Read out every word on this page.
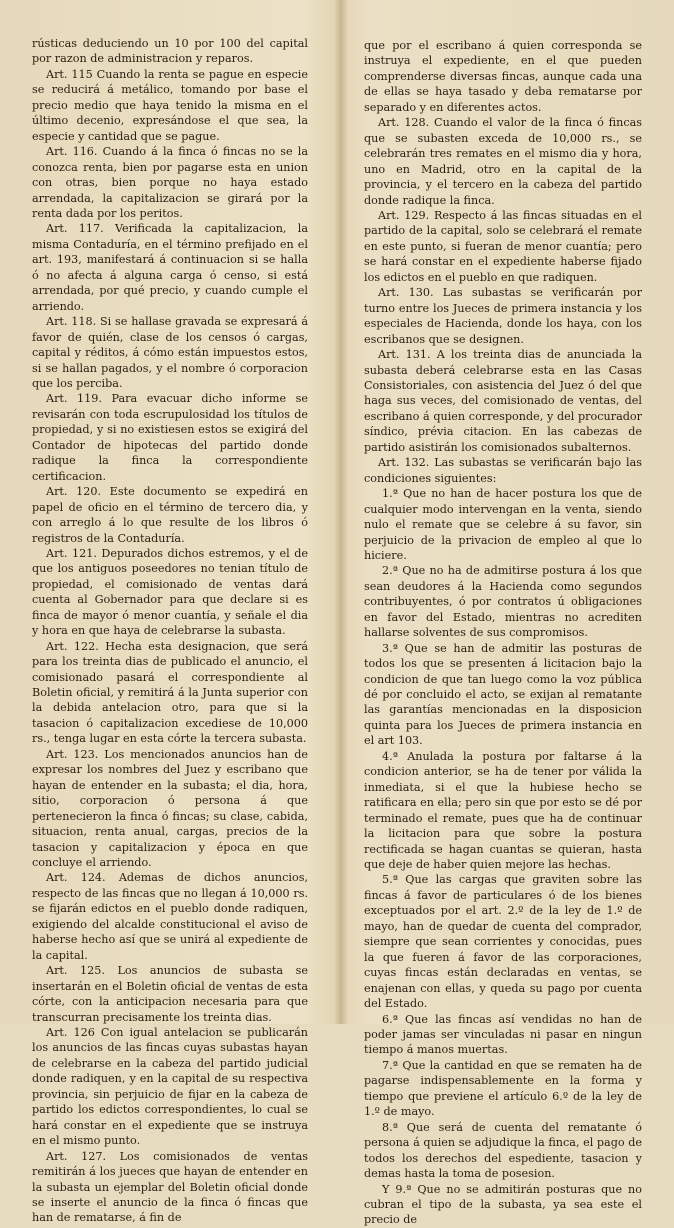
rústicas deduciendo un 10 por 100 del capital por razon de administracion y reparos.

Art. 115 Cuando la renta se pague en especie se reducirá á metálico, tomando por base el precio medio que haya tenido la misma en el último decenio, expresándose el que sea, la especie y cantidad que se pague.

Art. 116. Cuando á la finca ó fincas no se la conozca renta, bien por pagarse esta en union con otras, bien porque no haya estado arrendada, la capitalizacion se girará por la renta dada por los peritos.

Art. 117. Verificada la capitalizacion, la misma Contaduría, en el término prefijado en el art. 193, manifestará á continuacion si se halla ó no afecta á alguna carga ó censo, si está arrendada, por qué precio, y cuando cumple el arriendo.

Art. 118. Si se hallase gravada se expresará á favor de quién, clase de los censos ó cargas, capital y réditos, á cómo están impuestos estos, si se hallan pagados, y el nombre ó corporacion que los perciba.

Art. 119. Para evacuar dicho informe se revisarán con toda escrupulosidad los títulos de propiedad, y si no existiesen estos se exigirá del Contador de hipotecas del partido donde radique la finca la correspondiente certificacion.

Art. 120. Este documento se expedirá en papel de oficio en el término de tercero dia, y con arreglo á lo que resulte de los libros ó registros de la Contaduría.

Art. 121. Depurados dichos estremos, y el de que los antiguos poseedores no tenian título de propiedad, el comisionado de ventas dará cuenta al Gobernador para que declare si es finca de mayor ó menor cuantía, y señale el dia y hora en que haya de celebrarse la subasta.

Art. 122. Hecha esta designacion, que será para los treinta dias de publicado el anuncio, el comisionado pasará el correspondiente al Boletin oficial, y remitirá á la Junta superior con la debida antelacion otro, para que si la tasacion ó capitalizacion excediese de 10,000 rs., tenga lugar en esta córte la tercera subasta.

Art. 123. Los mencionados anuncios han de expresar los nombres del Juez y escribano que hayan de entender en la subasta; el dia, hora, sitio, corporacion ó persona á que pertenecieron la finca ó fincas; su clase, cabida, situacion, renta anual, cargas, precios de la tasacion y capitalizacion y época en que concluye el arriendo.

Art. 124. Ademas de dichos anuncios, respecto de las fincas que no llegan á 10,000 rs. se fijarán edictos en el pueblo donde radiquen, exigiendo del alcalde constitucional el aviso de haberse hecho así que se unirá al expediente de la capital.

Art. 125. Los anuncios de subasta se insertarán en el Boletin oficial de ventas de esta córte, con la anticipacion necesaria para que transcurran precisamente los treinta dias.

Art. 126 Con igual antelacion se publicarán los anuncios de las fincas cuyas subastas hayan de celebrarse en la cabeza del partido judicial donde radiquen, y en la capital de su respectiva provincia, sin perjuicio de fijar en la cabeza de partido los edictos correspondientes, lo cual se hará constar en el expediente que se instruya en el mismo punto.

Art. 127. Los comisionados de ventas remitirán á los jueces que hayan de entender en la subasta un ejemplar del Boletin oficial donde se inserte el anuncio de la finca ó fincas que han de rematarse, á fin de

que por el escribano á quien corresponda se instruya el expediente, en el que pueden comprenderse diversas fincas, aunque cada una de ellas se haya tasado y deba rematarse por separado y en diferentes actos.

Art. 128. Cuando el valor de la finca ó fincas que se subasten exceda de 10,000 rs., se celebrarán tres remates en el mismo dia y hora, uno en Madrid, otro en la capital de la provincia, y el tercero en la cabeza del partido donde radique la finca.

Art. 129. Respecto á las fincas situadas en el partido de la capital, solo se celebrará el remate en este punto, si fueran de menor cuantía; pero se hará constar en el expediente haberse fijado los edictos en el pueblo en que radiquen.

Art. 130. Las subastas se verificarán por turno entre los Jueces de primera instancia y los especiales de Hacienda, donde los haya, con los escribanos que se designen.

Art. 131. A los treinta dias de anunciada la subasta deberá celebrarse esta en las Casas Consistoriales, con asistencia del Juez ó del que haga sus veces, del comisionado de ventas, del escribano á quien corresponde, y del procurador síndico, prévia citacion. En las cabezas de partido asistirán los comisionados subalternos.

Art. 132. Las subastas se verificarán bajo las condiciones siguientes:

1.ª Que no han de hacer postura los que de cualquier modo intervengan en la venta, siendo nulo el remate que se celebre á su favor, sin perjuicio de la privacion de empleo al que lo hiciere.

2.ª Que no ha de admitirse postura á los que sean deudores á la Hacienda como segundos contribuyentes, ó por contratos ú obligaciones en favor del Estado, mientras no acrediten hallarse solventes de sus compromisos.

3.ª Que se han de admitir las posturas de todos los que se presenten á licitacion bajo la condicion de que tan luego como la voz pública dé por concluido el acto, se exijan al rematante las garantías mencionadas en la disposicion quinta para los Jueces de primera instancia en el art 103.

4.ª Anulada la postura por faltarse á la condicion anterior, se ha de tener por válida la inmediata, si el que la hubiese hecho se ratificara en ella; pero sin que por esto se dé por terminado el remate, pues que ha de continuar la licitacion para que sobre la postura rectificada se hagan cuantas se quieran, hasta que deje de haber quien mejore las hechas.

5.ª Que las cargas que graviten sobre las fincas á favor de particulares ó de los bienes exceptuados por el art. 2.º de la ley de 1.º de mayo, han de quedar de cuenta del comprador, siempre que sean corrientes y conocidas, pues la que fueren á favor de las corporaciones, cuyas fincas están declaradas en ventas, se enajenan con ellas, y queda su pago por cuenta del Estado.

6.ª Que las fincas así vendidas no han de poder jamas ser vinculadas ni pasar en ningun tiempo á manos muertas.

7.ª Que la cantidad en que se rematen ha de pagarse indispensablemente en la forma y tiempo que previene el artículo 6.º de la ley de 1.º de mayo.

8.ª Que será de cuenta del rematante ó persona á quien se adjudique la finca, el pago de todos los derechos del espediente, tasacion y demas hasta la toma de posesion.

Y 9.ª Que no se admitirán posturas que no cubran el tipo de la subasta, ya sea este el precio de
